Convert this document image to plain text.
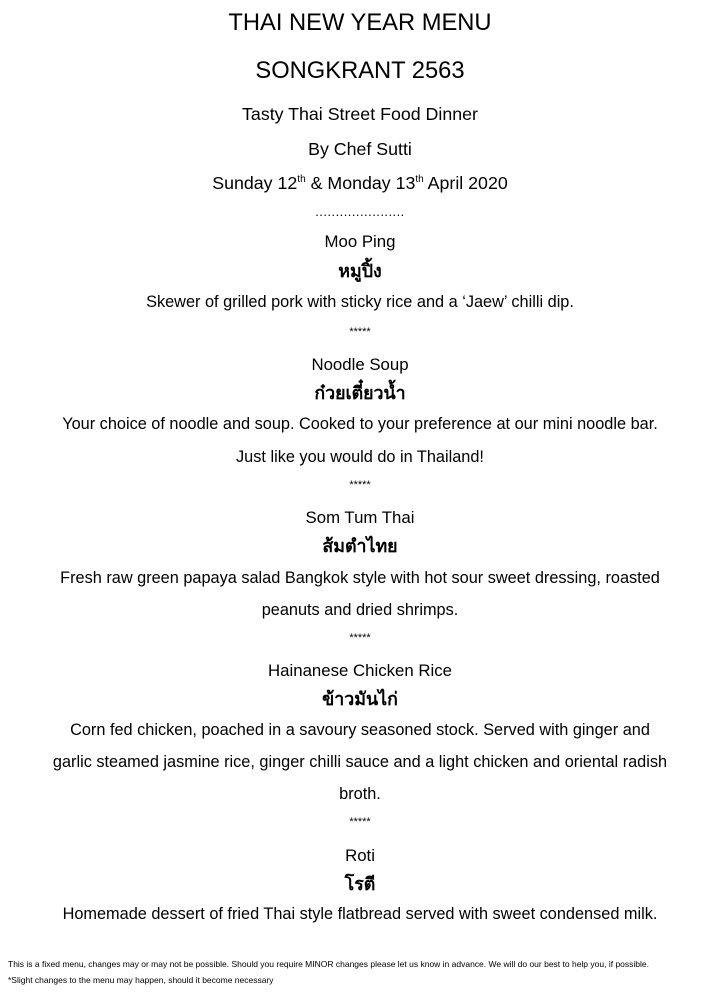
THAI NEW YEAR MENU
SONGKRANT 2563
Tasty Thai Street Food Dinner
By Chef Sutti
Sunday 12th & Monday 13th April 2020
......................
Moo Ping
หมูปิ้ง
Skewer of grilled pork with sticky rice and a ‘Jaew’ chilli dip.
*****
Noodle Soup
ก๋วยเตี๋ยวน้ำ
Your choice of noodle and soup. Cooked to your preference at our mini noodle bar.
Just like you would do in Thailand!
*****
Som Tum Thai
ส้มตำไทย
Fresh raw green papaya salad Bangkok style with hot sour sweet dressing, roasted
peanuts and dried shrimps.
*****
Hainanese Chicken Rice
ข้าวมันไก่
Corn fed chicken, poached in a savoury seasoned stock. Served with ginger and
garlic steamed jasmine rice, ginger chilli sauce and a light chicken and oriental radish
broth.
*****
Roti
โรตี
Homemade dessert of fried Thai style flatbread served with sweet condensed milk.
This is a fixed menu, changes may or may not be possible. Should you require MINOR changes please let us know in advance. We will do our best to help you, if possible.
*Slight changes to the menu may happen, should it become necessary
